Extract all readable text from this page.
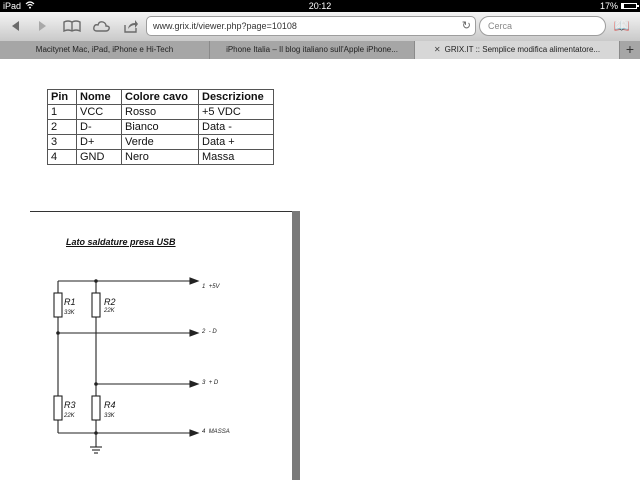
iPad	20:12	17%
www.grix.it/viewer.php?page=10108	↻	Cerca	📖
Macitynet Mac, iPad, iPhone e Hi-Tech	iPhone Italia – Il blog italiano sull'Apple iPhone...	✕ GRIX.IT :: Semplice modifica alimentatore...	+
Pin	Nome	Colore cavo	Descrizione
1	VCC	Rosso	+5 VDC
2	D-	Bianco	Data -
3	D+	Verde	Data +
4	GND	Nero	Massa
Lato saldature presa USB
R1
33K
R2
22K
R3
22K
R4
33K
1 +5V
2 - D
3 + D
4 MASSA
